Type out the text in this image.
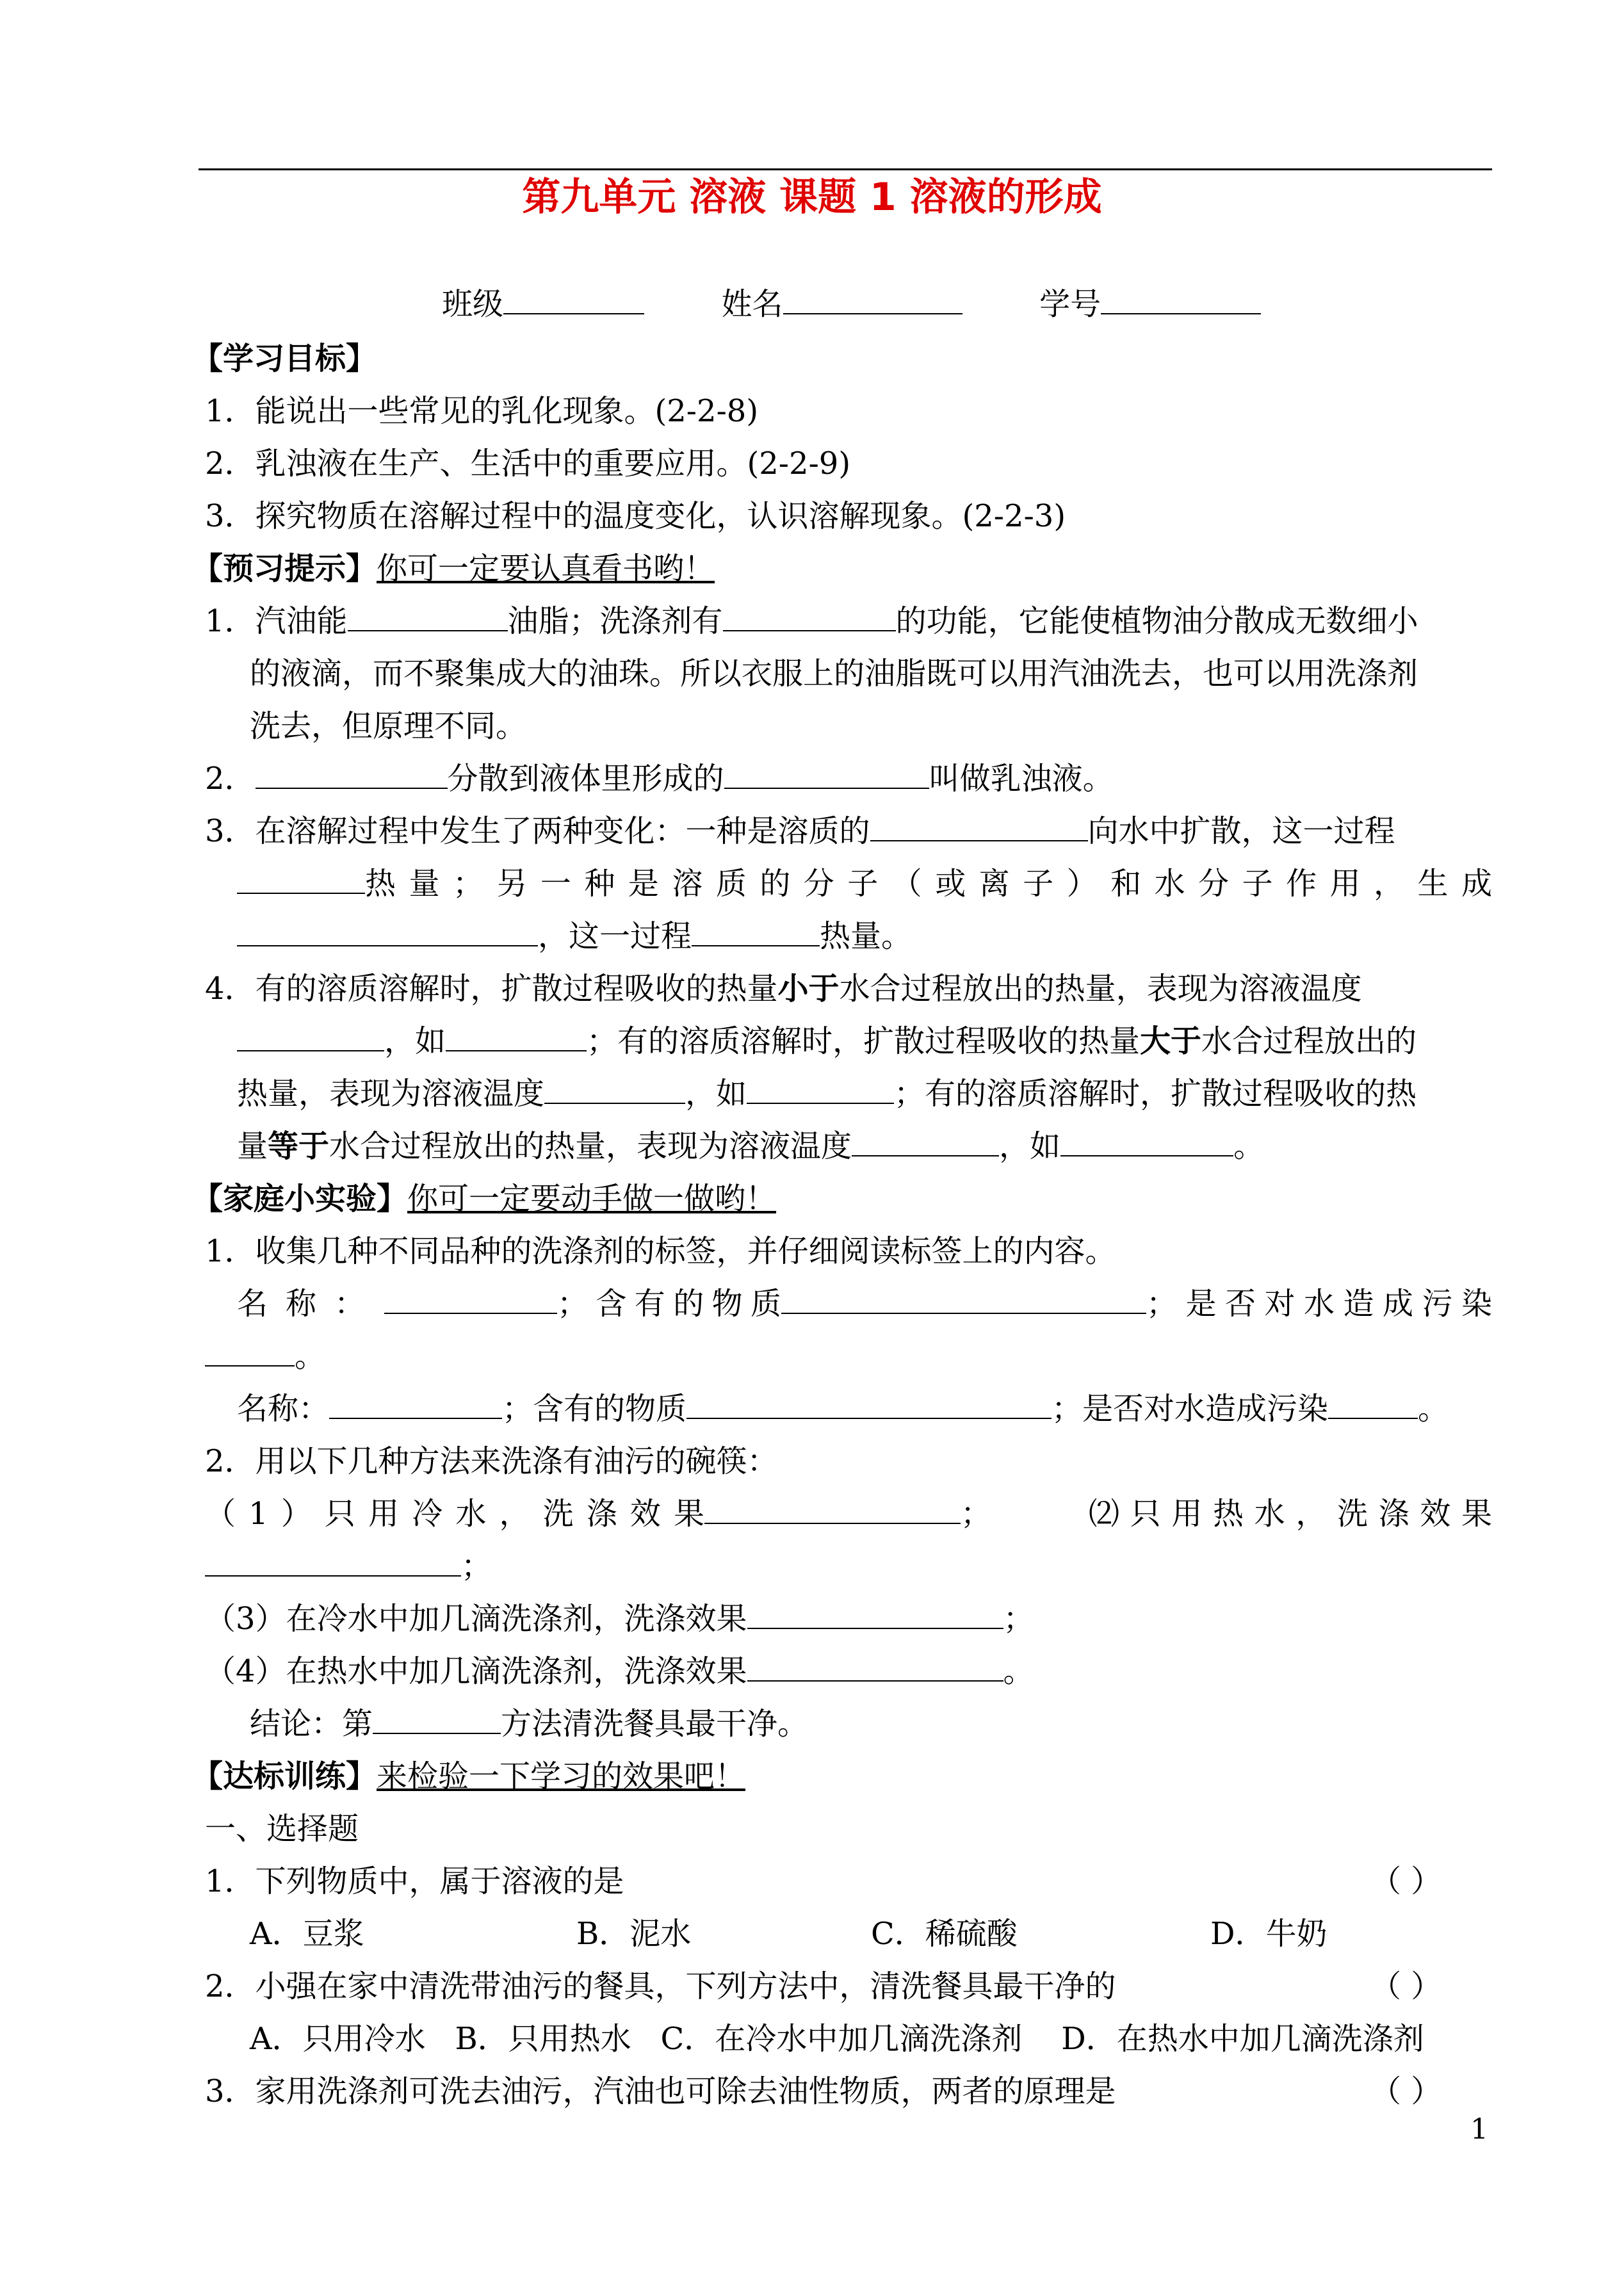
第九单元 溶液 课题 1 溶液的形成
班级	姓名	学号
【学习目标】
1．能说出一些常见的乳化现象。(2-2-8)
2．乳浊液在生产、生活中的重要应用。(2-2-9)
3．探究物质在溶解过程中的温度变化，认识溶解现象。(2-2-3)
【预习提示】你可一定要认真看书哟！
1．汽油能	油脂；洗涤剂有	的功能，它能使植物油分散成无数细小
的液滴，而不聚集成大的油珠。所以衣服上的油脂既可以用汽油洗去，也可以用洗涤剂
洗去，但原理不同。
2．	分散到液体里形成的	叫做乳浊液。
3．在溶解过程中发生了两种变化：一种是溶质的	向水中扩散，这一过程
热量；另一种是溶质的分子（或离子）和水分子作用，生成
，这一过程	热量。
4．有的溶质溶解时，扩散过程吸收的热量小于水合过程放出的热量，表现为溶液温度
，如	；有的溶质溶解时，扩散过程吸收的热量大于水合过程放出的
热量，表现为溶液温度	，如	；有的溶质溶解时，扩散过程吸收的热
量等于水合过程放出的热量，表现为溶液温度	，如	。
【家庭小实验】你可一定要动手做一做哟！
1．收集几种不同品种的洗涤剂的标签，并仔细阅读标签上的内容。
名称：	；含有的物质	；是否对水造成污染
。
名称：	；含有的物质	；是否对水造成污染	。
2．用以下几种方法来洗涤有油污的碗筷：
（1）只用冷水，洗涤效果	；	⑵只用热水，洗涤效果
；
（3）在冷水中加几滴洗涤剂，洗涤效果	；
（4）在热水中加几滴洗涤剂，洗涤效果	。
结论：第	方法清洗餐具最干净。
【达标训练】来检验一下学习的效果吧！
一、选择题
1．下列物质中，属于溶液的是	（ ）
A．豆浆	B．泥水	C．稀硫酸	D．牛奶
2．小强在家中清洗带油污的餐具，下列方法中，清洗餐具最干净的	（ ）
A．只用冷水   B．只用热水   C．在冷水中加几滴洗涤剂    D．在热水中加几滴洗涤剂
3．家用洗涤剂可洗去油污，汽油也可除去油性物质，两者的原理是	（ ）
1
